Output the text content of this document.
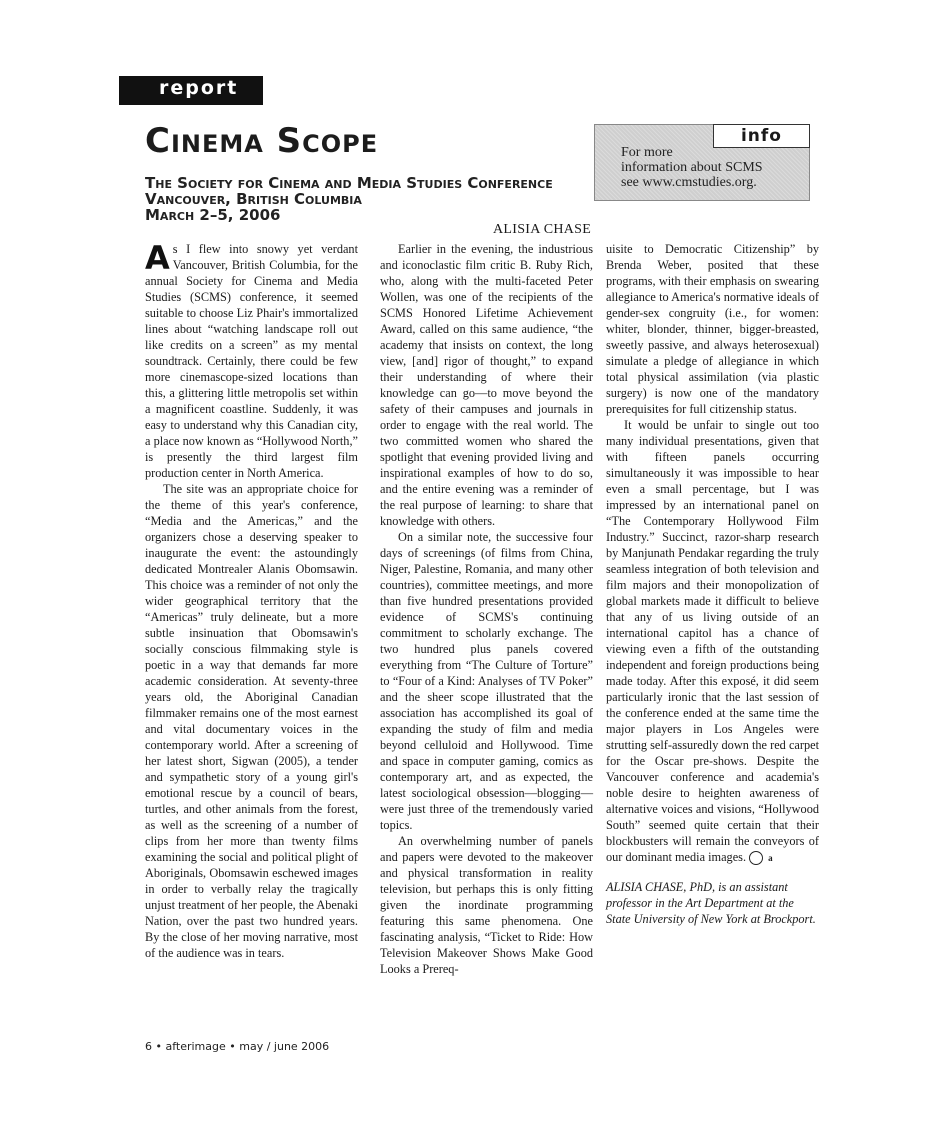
report
Cinema Scope
The Society for Cinema and Media Studies Conference
Vancouver, British Columbia
March 2–5, 2006
ALISIA CHASE
info
For more
information about SCMS
see www.cmstudies.org.

As I flew into snowy yet verdant Vancouver, British Columbia, for the annual Society for Cinema and Media Studies (SCMS) conference, it seemed suitable to choose Liz Phair's immortalized lines about “watching landscape roll out like credits on a screen” as my mental soundtrack. Certainly, there could be few more cinemascope-sized locations than this, a glittering little metropolis set within a magnificent coastline. Suddenly, it was easy to understand why this Canadian city, a place now known as “Hollywood North,” is presently the third largest film production center in North America.

The site was an appropriate choice for the theme of this year's conference, “Media and the Americas,” and the organizers chose a deserving speaker to inaugurate the event: the astoundingly dedicated Montrealer Alanis Obomsawin. This choice was a reminder of not only the wider geographical territory that the “Americas” truly delineate, but a more subtle insinuation that Obomsawin's socially conscious filmmaking style is poetic in a way that demands far more academic consideration. At seventy-three years old, the Aboriginal Canadian filmmaker remains one of the most earnest and vital documentary voices in the contemporary world. After a screening of her latest short, Sigwan (2005), a tender and sympathetic story of a young girl's emotional rescue by a council of bears, turtles, and other animals from the forest, as well as the screening of a number of clips from her more than twenty films examining the social and political plight of Aboriginals, Obomsawin eschewed images in order to verbally relay the tragically unjust treatment of her people, the Abenaki Nation, over the past two hundred years. By the close of her moving narrative, most of the audience was in tears.

Earlier in the evening, the industrious and iconoclastic film critic B. Ruby Rich, who, along with the multi-faceted Peter Wollen, was one of the recipients of the SCMS Honored Lifetime Achievement Award, called on this same audience, “the academy that insists on context, the long view, [and] rigor of thought,” to expand their understanding of where their knowledge can go—to move beyond the safety of their campuses and journals in order to engage with the real world. The two committed women who shared the spotlight that evening provided living and inspirational examples of how to do so, and the entire evening was a reminder of the real purpose of learning: to share that knowledge with others.

On a similar note, the successive four days of screenings (of films from China, Niger, Palestine, Romania, and many other countries), committee meetings, and more than five hundred presentations provided evidence of SCMS's continuing commitment to scholarly exchange. The two hundred plus panels covered everything from “The Culture of Torture” to “Four of a Kind: Analyses of TV Poker” and the sheer scope illustrated that the association has accomplished its goal of expanding the study of film and media beyond celluloid and Hollywood. Time and space in computer gaming, comics as contemporary art, and as expected, the latest sociological obsession—blogging—were just three of the tremendously varied topics.

An overwhelming number of panels and papers were devoted to the makeover and physical transformation in reality television, but perhaps this is only fitting given the inordinate programming featuring this same phenomena. One fascinating analysis, “Ticket to Ride: How Television Makeover Shows Make Good Looks a Prereq-

uisite to Democratic Citizenship” by Brenda Weber, posited that these programs, with their emphasis on swearing allegiance to America's normative ideals of gender-sex congruity (i.e., for women: whiter, blonder, thinner, bigger-breasted, sweetly passive, and always heterosexual) simulate a pledge of allegiance in which total physical assimilation (via plastic surgery) is now one of the mandatory prerequisites for full citizenship status.

It would be unfair to single out too many individual presentations, given that with fifteen panels occurring simultaneously it was impossible to hear even a small percentage, but I was impressed by an international panel on “The Contemporary Hollywood Film Industry.” Succinct, razor-sharp research by Manjunath Pendakar regarding the truly seamless integration of both television and film majors and their monopolization of global markets made it difficult to believe that any of us living outside of an international capitol has a chance of viewing even a fifth of the outstanding independent and foreign productions being made today. After this exposé, it did seem particularly ironic that the last session of the conference ended at the same time the major players in Los Angeles were strutting self-assuredly down the red carpet for the Oscar pre-shows. Despite the Vancouver conference and academia's noble desire to heighten awareness of alternative voices and visions, “Hollywood South” seemed quite certain that their blockbusters will remain the conveyors of our dominant media images. a

ALISIA CHASE, PhD, is an assistant professor in the Art Department at the State University of New York at Brockport.

6 • afterimage • may / june 2006
